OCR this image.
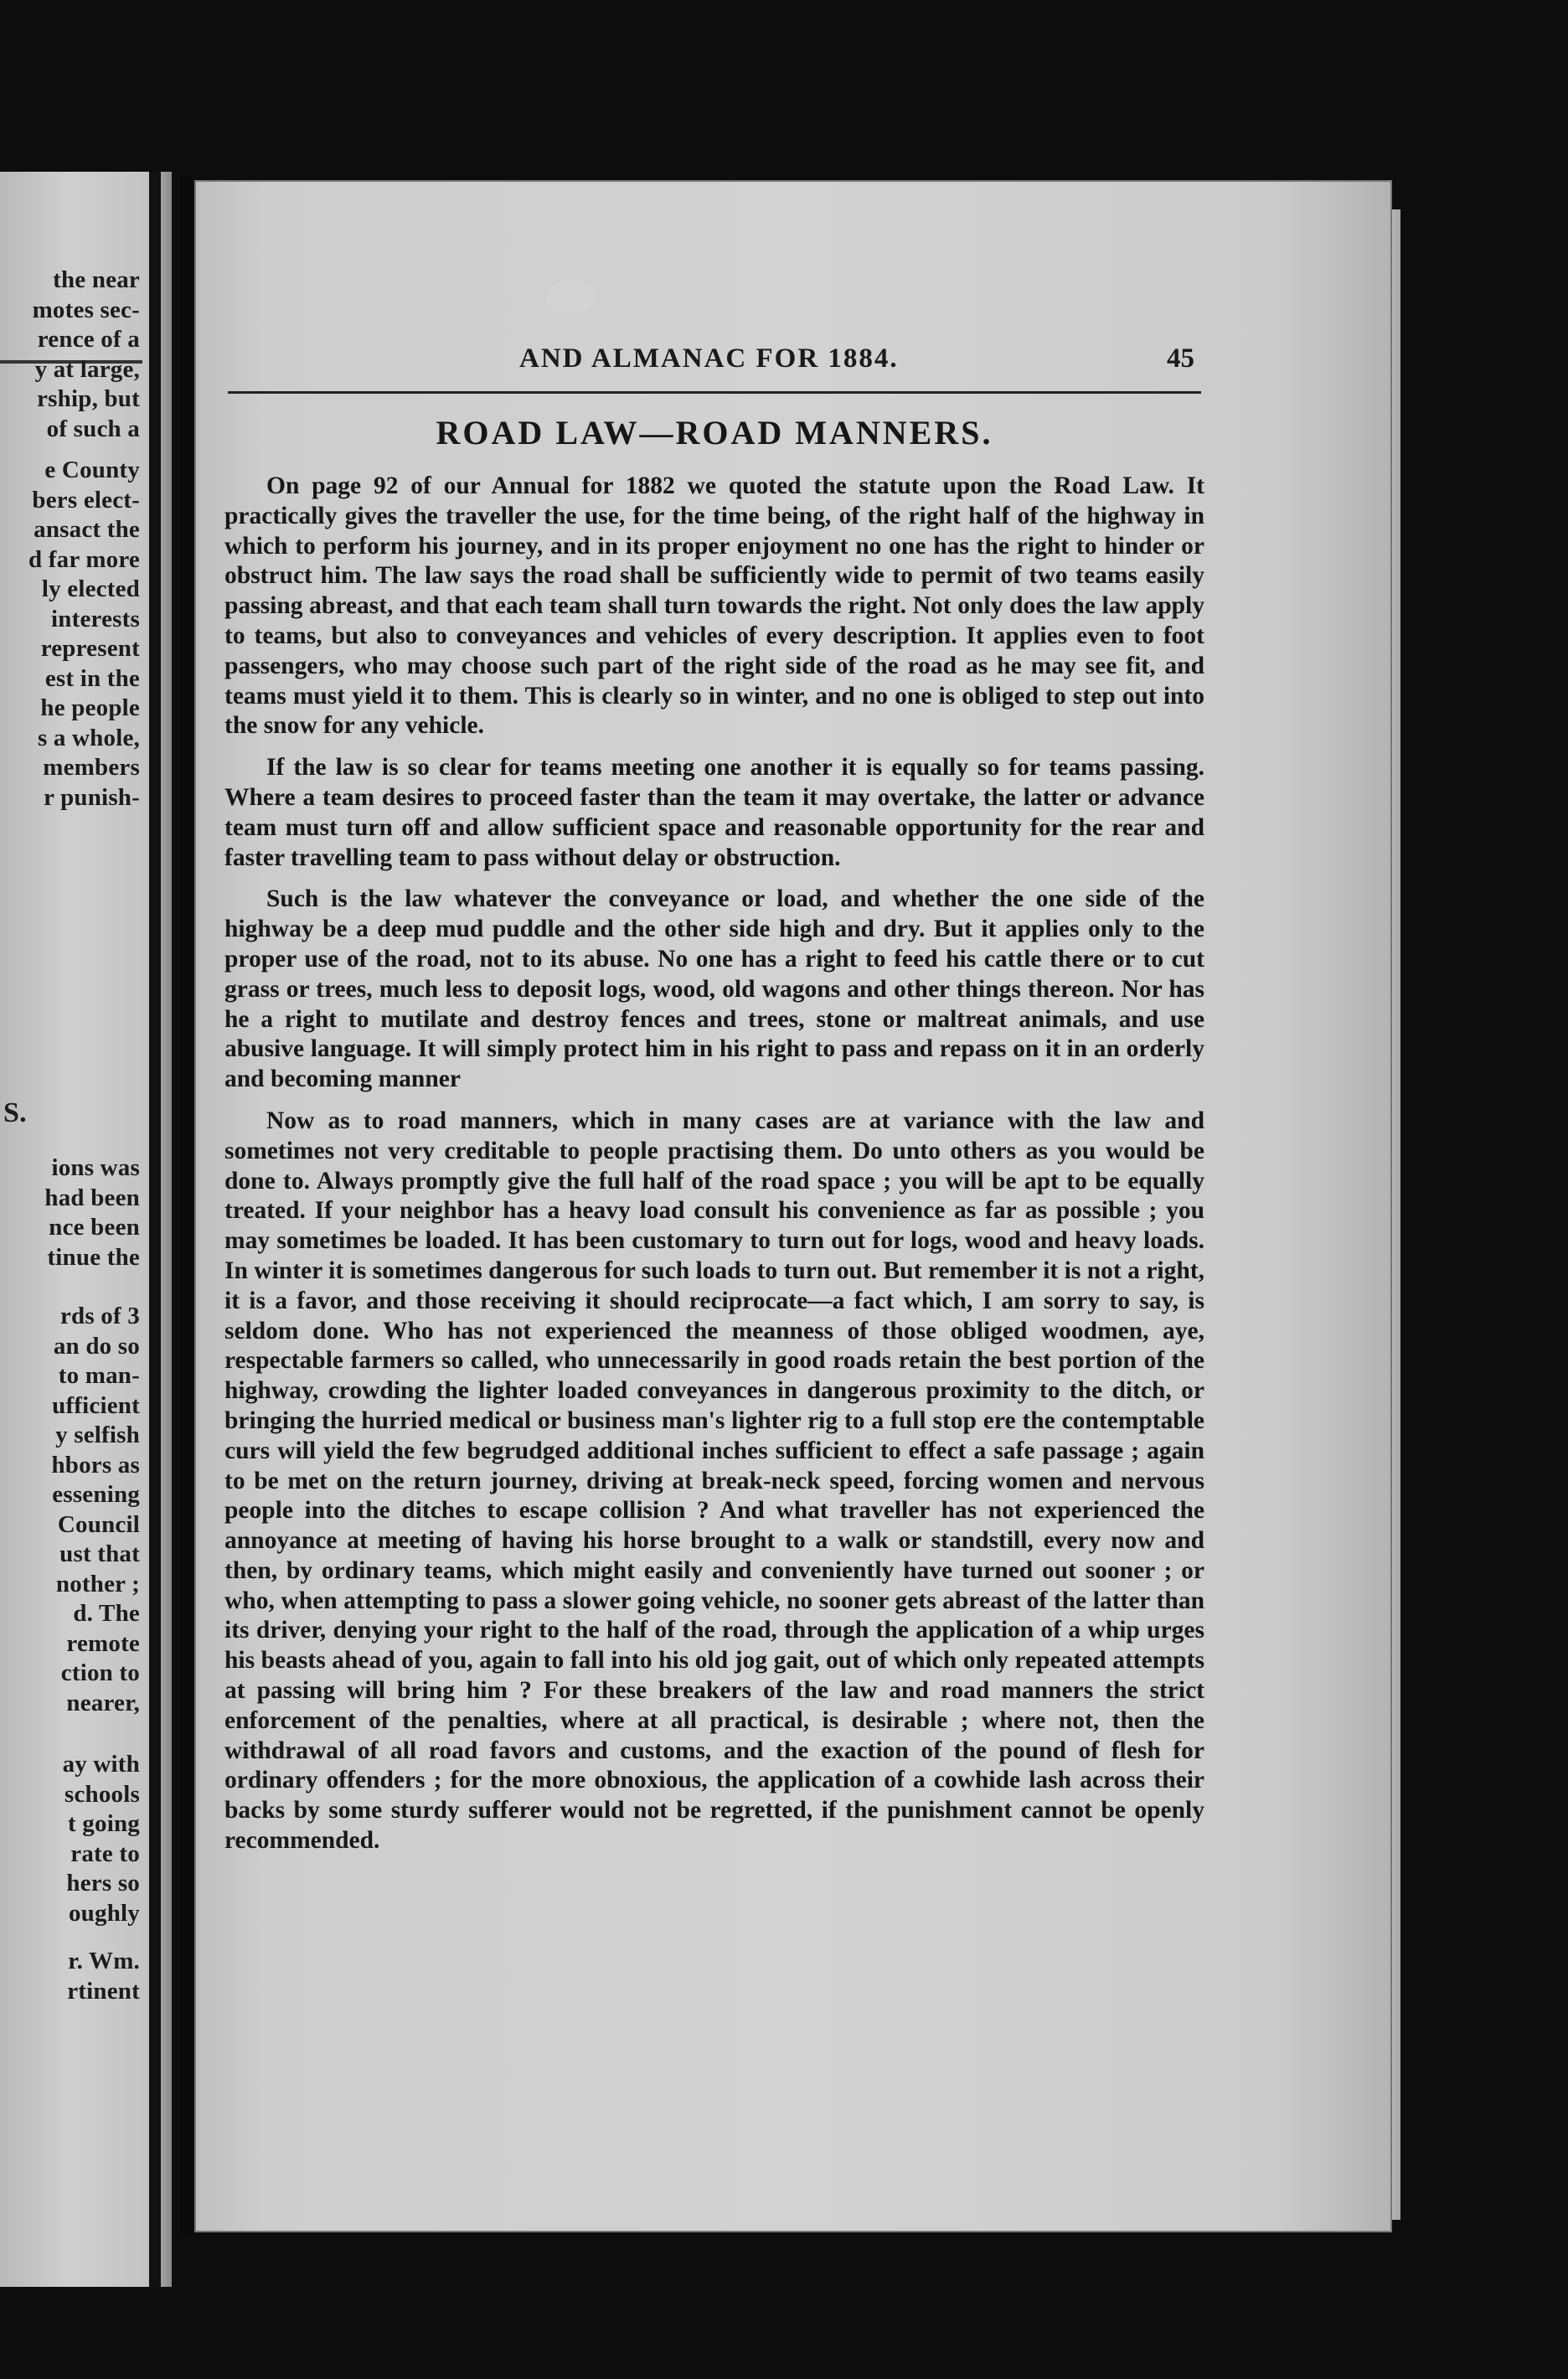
the near

motes sec-

rence of a

y at large,

rship, but

of such a

e County

bers elect-

ansact the

d far more

ly elected

interests

represent

est in the

he people

s a whole,

members

r punish-

S.

ions was

had been

nce been

tinue the

rds of 3

an do so

to man-

ufficient

y selfish

hbors as

essening

Council

ust that

nother ;

d. The

remote

ction to

nearer,

ay with

schools

t going

rate to

hers so

oughly

r. Wm.

rtinent

AND ALMANAC FOR 1884.	45

ROAD LAW—ROAD MANNERS.

On page 92 of our Annual for 1882 we quoted the statute upon the Road Law. It practically gives the traveller the use, for the time being, of the right half of the highway in which to perform his journey, and in its proper enjoyment no one has the right to hinder or obstruct him. The law says the road shall be sufficiently wide to permit of two teams easily passing abreast, and that each team shall turn towards the right. Not only does the law apply to teams, but also to conveyances and vehicles of every description. It applies even to foot passengers, who may choose such part of the right side of the road as he may see fit, and teams must yield it to them. This is clearly so in winter, and no one is obliged to step out into the snow for any vehicle.

If the law is so clear for teams meeting one another it is equally so for teams passing. Where a team desires to proceed faster than the team it may overtake, the latter or advance team must turn off and allow sufficient space and reasonable opportunity for the rear and faster travelling team to pass without delay or obstruction.

Such is the law whatever the conveyance or load, and whether the one side of the highway be a deep mud puddle and the other side high and dry. But it applies only to the proper use of the road, not to its abuse. No one has a right to feed his cattle there or to cut grass or trees, much less to deposit logs, wood, old wagons and other things thereon. Nor has he a right to mutilate and destroy fences and trees, stone or maltreat animals, and use abusive language. It will simply protect him in his right to pass and repass on it in an orderly and becoming manner

Now as to road manners, which in many cases are at variance with the law and sometimes not very creditable to people practising them. Do unto others as you would be done to. Always promptly give the full half of the road space ; you will be apt to be equally treated. If your neighbor has a heavy load consult his convenience as far as possible ; you may sometimes be loaded. It has been customary to turn out for logs, wood and heavy loads. In winter it is sometimes dangerous for such loads to turn out. But remember it is not a right, it is a favor, and those receiving it should reciprocate—a fact which, I am sorry to say, is seldom done. Who has not experienced the meanness of those obliged woodmen, aye, respectable farmers so called, who unnecessarily in good roads retain the best portion of the highway, crowding the lighter loaded conveyances in dangerous proximity to the ditch, or bringing the hurried medical or business man's lighter rig to a full stop ere the contemptable curs will yield the few begrudged additional inches sufficient to effect a safe passage ; again to be met on the return journey, driving at break-neck speed, forcing women and nervous people into the ditches to escape collision ? And what traveller has not experienced the annoyance at meeting of having his horse brought to a walk or standstill, every now and then, by ordinary teams, which might easily and conveniently have turned out sooner ; or who, when attempting to pass a slower going vehicle, no sooner gets abreast of the latter than its driver, denying your right to the half of the road, through the application of a whip urges his beasts ahead of you, again to fall into his old jog gait, out of which only repeated attempts at passing will bring him ? For these breakers of the law and road manners the strict enforcement of the penalties, where at all practical, is desirable ; where not, then the withdrawal of all road favors and customs, and the exaction of the pound of flesh for ordinary offenders ; for the more obnoxious, the application of a cowhide lash across their backs by some sturdy sufferer would not be regretted, if the punishment cannot be openly recommended.
